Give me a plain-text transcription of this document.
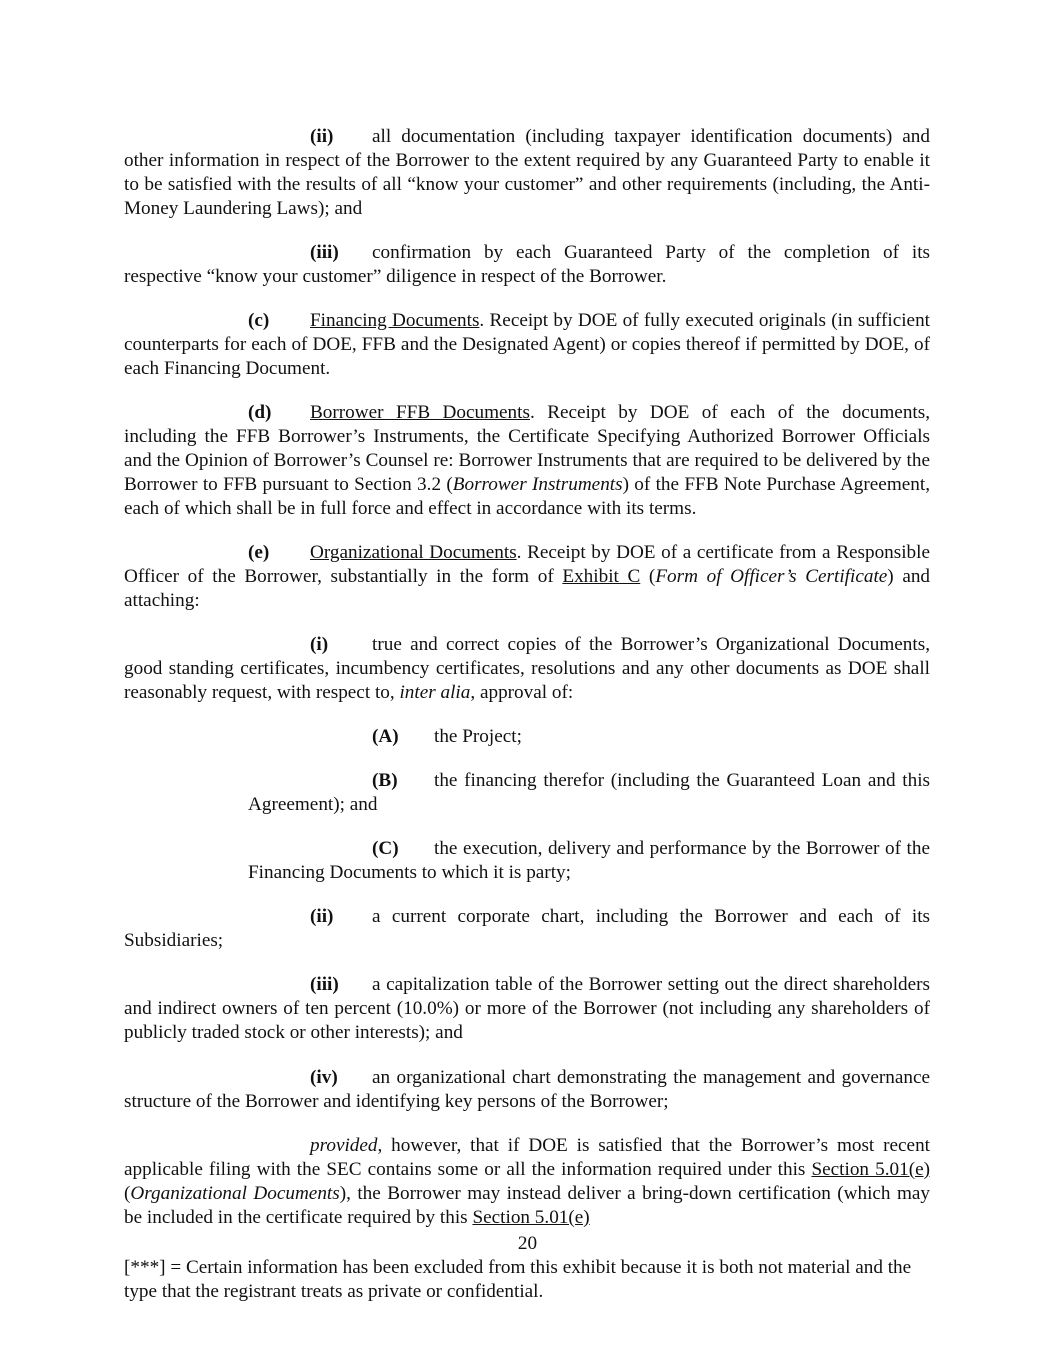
(ii) all documentation (including taxpayer identification documents) and other information in respect of the Borrower to the extent required by any Guaranteed Party to enable it to be satisfied with the results of all “know your customer” and other requirements (including, the Anti-Money Laundering Laws); and

(iii) confirmation by each Guaranteed Party of the completion of its respective “know your customer” diligence in respect of the Borrower.

(c) Financing Documents. Receipt by DOE of fully executed originals (in sufficient counterparts for each of DOE, FFB and the Designated Agent) or copies thereof if permitted by DOE, of each Financing Document.

(d) Borrower FFB Documents. Receipt by DOE of each of the documents, including the FFB Borrower’s Instruments, the Certificate Specifying Authorized Borrower Officials and the Opinion of Borrower’s Counsel re: Borrower Instruments that are required to be delivered by the Borrower to FFB pursuant to Section 3.2 (Borrower Instruments) of the FFB Note Purchase Agreement, each of which shall be in full force and effect in accordance with its terms.

(e) Organizational Documents. Receipt by DOE of a certificate from a Responsible Officer of the Borrower, substantially in the form of Exhibit C (Form of Officer’s Certificate) and attaching:

(i) true and correct copies of the Borrower’s Organizational Documents, good standing certificates, incumbency certificates, resolutions and any other documents as DOE shall reasonably request, with respect to, inter alia, approval of:

(A) the Project;

(B) the financing therefor (including the Guaranteed Loan and this Agreement); and

(C) the execution, delivery and performance by the Borrower of the Financing Documents to which it is party;

(ii) a current corporate chart, including the Borrower and each of its Subsidiaries;

(iii) a capitalization table of the Borrower setting out the direct shareholders and indirect owners of ten percent (10.0%) or more of the Borrower (not including any shareholders of publicly traded stock or other interests); and

(iv) an organizational chart demonstrating the management and governance structure of the Borrower and identifying key persons of the Borrower;

provided, however, that if DOE is satisfied that the Borrower’s most recent applicable filing with the SEC contains some or all the information required under this Section 5.01(e) (Organizational Documents), the Borrower may instead deliver a bring-down certification (which may be included in the certificate required by this Section 5.01(e)

20
[***] = Certain information has been excluded from this exhibit because it is both not material and the type that the registrant treats as private or confidential.
